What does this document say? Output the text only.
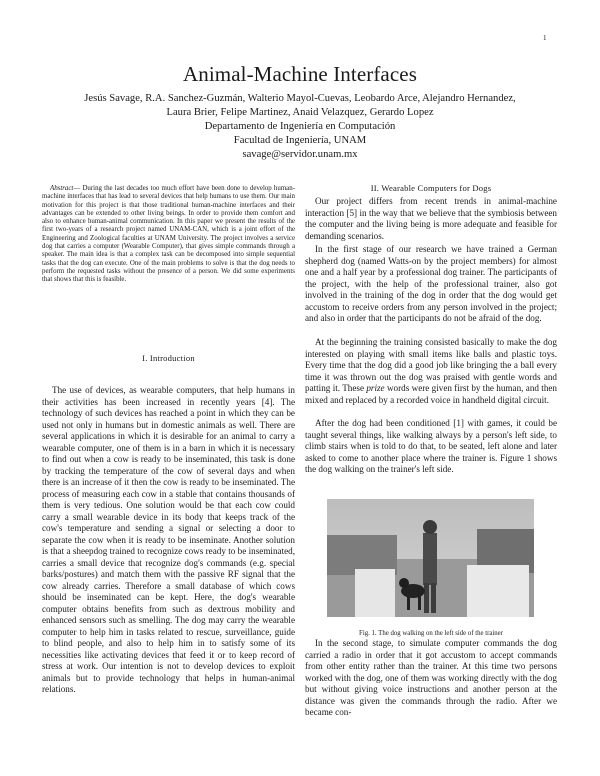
1
Animal-Machine Interfaces
Jesús Savage, R.A. Sanchez-Guzmán, Walterio Mayol-Cuevas, Leobardo Arce, Alejandro Hernandez,
Laura Brier, Felipe Martinez, Anaid Velazquez, Gerardo Lopez
Departamento de Ingeniería en Computación
Facultad de Ingeniería, UNAM
savage@servidor.unam.mx
Abstract— During the last decades too much effort have been done to develop human-machine interfaces that has lead to several devices that help humans to use them. Our main motivation for this project is that those traditional human-machine interfaces and their advantages can be extended to other living beings. In order to provide them comfort and also to enhance human-animal communication. In this paper we present the results of the first two-years of a research project named UNAM-CAN, which is a joint effort of the Engineering and Zoological faculties at UNAM University. The project involves a service dog that carries a computer (Wearable Computer), that gives simple commands through a speaker. The main idea is that a complex task can be decomposed into simple sequential tasks that the dog can execute. One of the main problems to solve is that the dog needs to perform the requested tasks without the presence of a person. We did some experiments that shows that this is feasible.
I. Introduction

The use of devices, as wearable computers, that help humans in their activities has been increased in recently years [4]. The technology of such devices has reached a point in which they can be used not only in humans but in domestic animals as well. There are several applications in which it is desirable for an animal to carry a wearable computer, one of them is in a barn in which it is necessary to find out when a cow is ready to be inseminated, this task is done by tracking the temperature of the cow of several days and when there is an increase of it then the cow is ready to be inseminated. The process of measuring each cow in a stable that contains thousands of them is very tedious. One solution would be that each cow could carry a small wearable device in its body that keeps track of the cow's temperature and sending a signal or selecting a door to separate the cow when it is ready to be inseminate. Another solution is that a sheepdog trained to recognize cows ready to be inseminated, carries a small device that recognize dog's commands (e.g. special barks/postures) and match them with the passive RF signal that the cow already carries. Therefore a small database of which cows should be inseminated can be kept. Here, the dog's wearable computer obtains benefits from such as dextrous mobility and enhanced sensors such as smelling. The dog may carry the wearable computer to help him in tasks related to rescue, surveillance, guide to blind people, and also to help him in to satisfy some of its necessities like activating devices that feed it or to keep record of stress at work. Our intention is not to develop devices to exploit animals but to provide technology that helps in human-animal relations.

II. Wearable Computers for Dogs

Our project differs from recent trends in animal-machine interaction [5] in the way that we believe that the symbiosis between the computer and the living being is more adequate and feasible for demanding scenarios.

In the first stage of our research we have trained a German shepherd dog (named Watts-on by the project members) for almost one and a half year by a professional dog trainer. The participants of the project, with the help of the professional trainer, also got involved in the training of the dog in order that the dog would get accustom to receive orders from any person involved in the project; and also in order that the participants do not be afraid of the dog.

At the beginning the training consisted basically to make the dog interested on playing with small items like balls and plastic toys. Every time that the dog did a good job like bringing the a ball every time it was thrown out the dog was praised with gentle words and patting it. These prize words were given first by the human, and then mixed and replaced by a recorded voice in handheld digital circuit.

After the dog had been conditioned [1] with games, it could be taught several things, like walking always by a person's left side, to climb stairs when is told to do that, to be seated, left alone and later asked to come to another place where the trainer is. Figure 1 shows the dog walking on the trainer's left side.

Fig. 1. The dog walking on the left side of the trainer

In the second stage, to simulate computer commands the dog carried a radio in order that it got accustom to accept commands from other entity rather than the trainer. At this time two persons worked with the dog, one of them was working directly with the dog but without giving voice instructions and another person at the distance was given the commands through the radio. After we became con-
